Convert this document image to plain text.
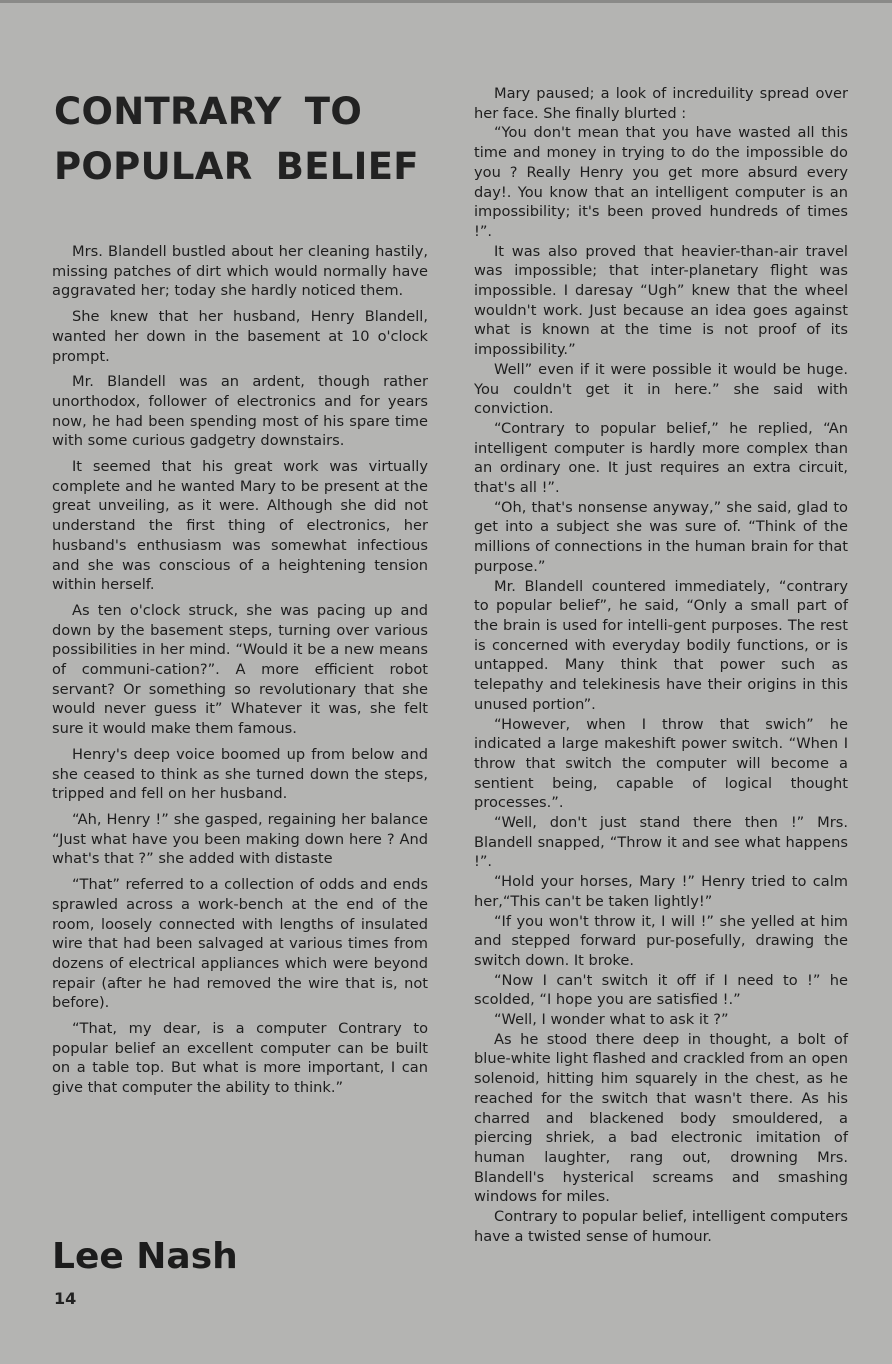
CONTRARY TO POPULAR BELIEF

Mrs. Blandell bustled about her cleaning hastily, missing patches of dirt which would normally have aggravated her; today she hardly noticed them.

She knew that her husband, Henry Blandell, wanted her down in the basement at 10 o'clock prompt.

Mr. Blandell was an ardent, though rather unorthodox, follower of electronics and for years now, he had been spending most of his spare time with some curious gadgetry downstairs.

It seemed that his great work was virtually complete and he wanted Mary to be present at the great unveiling, as it were. Although she did not understand the first thing of electronics, her husband's enthusiasm was somewhat infectious and she was conscious of a heightening tension within herself.

As ten o'clock struck, she was pacing up and down by the basement steps, turning over various possibilities in her mind. “Would it be a new means of communi-cation?”. A more efficient robot servant? Or something so revolutionary that she would never guess it” Whatever it was, she felt sure it would make them famous.

Henry's deep voice boomed up from below and she ceased to think as she turned down the steps, tripped and fell on her husband.

“Ah, Henry !” she gasped, regaining her balance “Just what have you been making down here ? And what's that ?” she added with distaste

“That” referred to a collection of odds and ends sprawled across a work-bench at the end of the room, loosely connected with lengths of insulated wire that had been salvaged at various times from dozens of electrical appliances which were beyond repair (after he had removed the wire that is, not before).

“That, my dear, is a computer Contrary to popular belief an excellent computer can be built on a table top. But what is more important, I can give that computer the ability to think.”

Lee Nash
14

Mary paused; a look of increduility spread over her face. She finally blurted :

“You don't mean that you have wasted all this time and money in trying to do the impossible do you ? Really Henry you get more absurd every day!. You know that an intelligent computer is an impossibility; it's been proved hundreds of times !”.

It was also proved that heavier-than-air travel was impossible; that inter-planetary flight was impossible. I daresay “Ugh” knew that the wheel wouldn't work. Just because an idea goes against what is known at the time is not proof of its impossibility.”

Well” even if it were possible it would be huge. You couldn't get it in here.” she said with conviction.

“Contrary to popular belief,” he replied, “An intelligent computer is hardly more complex than an ordinary one. It just requires an extra circuit, that's all !”.

“Oh, that's nonsense anyway,” she said, glad to get into a subject she was sure of. “Think of the millions of connections in the human brain for that purpose.”

Mr. Blandell countered immediately, “contrary to popular belief”, he said, “Only a small part of the brain is used for intelli-gent purposes. The rest is concerned with everyday bodily functions, or is untapped. Many think that power such as telepathy and telekinesis have their origins in this unused portion”.

“However, when I throw that swich” he indicated a large makeshift power switch. “When I throw that switch the computer will become a sentient being, capable of logical thought processes.”.

“Well, don't just stand there then !” Mrs. Blandell snapped, “Throw it and see what happens !”.

“Hold your horses, Mary !” Henry tried to calm her,“This can't be taken lightly!”

“If you won't throw it, I will !” she yelled at him and stepped forward pur-posefully, drawing the switch down. It broke.

“Now I can't switch it off if I need to !” he scolded, “I hope you are satisfied !.”

“Well, I wonder what to ask it ?”

As he stood there deep in thought, a bolt of blue-white light flashed and crackled from an open solenoid, hitting him squarely in the chest, as he reached for the switch that wasn't there. As his charred and blackened body smouldered, a piercing shriek, a bad electronic imitation of human laughter, rang out, drowning Mrs. Blandell's hysterical screams and smashing windows for miles.

Contrary to popular belief, intelligent computers have a twisted sense of humour.
